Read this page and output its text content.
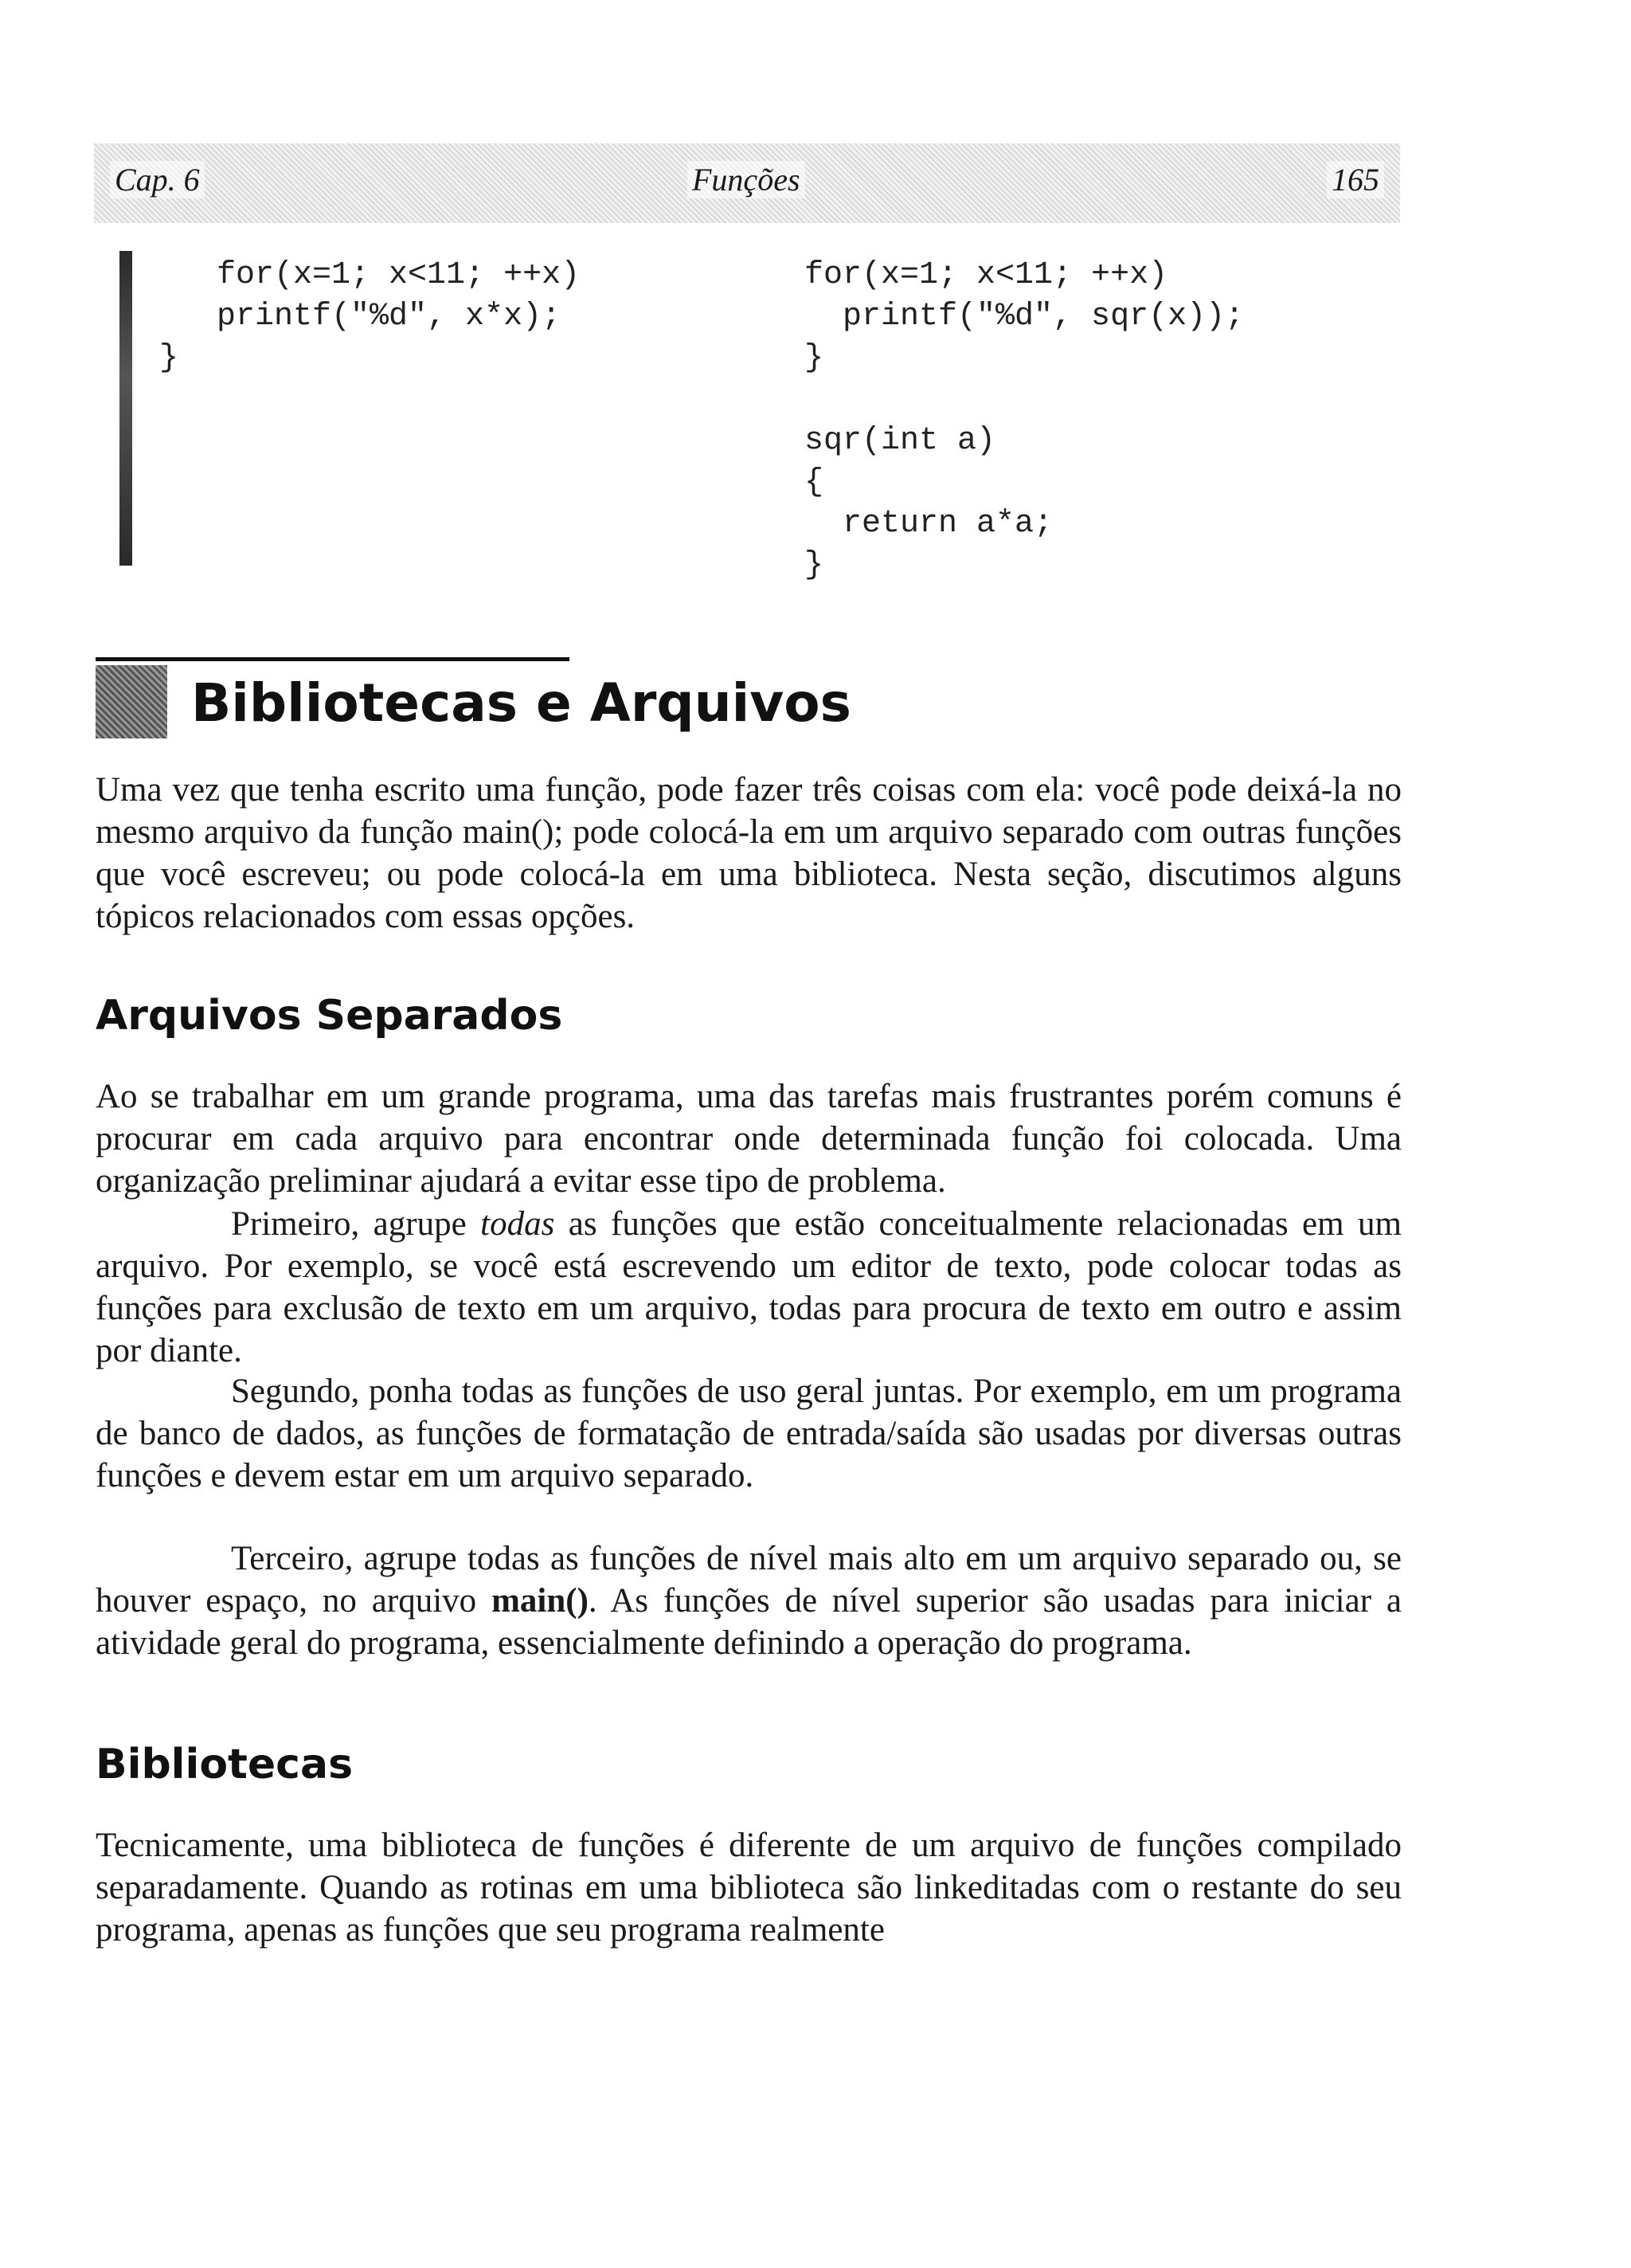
Cap. 6	Funções	165
for(x=1; x<11; ++x)
printf("%d", x*x);
}
for(x=1; x<11; ++x)
printf("%d", sqr(x));
}

sqr(int a)
{
return a*a;
}
Bibliotecas e Arquivos

Uma vez que tenha escrito uma função, pode fazer três coisas com ela: você pode deixá-la no mesmo arquivo da função main(); pode colocá-la em um arquivo separado com outras funções que você escreveu; ou pode colocá-la em uma biblioteca. Nesta seção, discutimos alguns tópicos relacionados com essas opções.

Arquivos Separados

Ao se trabalhar em um grande programa, uma das tarefas mais frustrantes porém comuns é procurar em cada arquivo para encontrar onde determinada função foi colocada. Uma organização preliminar ajudará a evitar esse tipo de problema.

Primeiro, agrupe todas as funções que estão conceitualmente relacionadas em um arquivo. Por exemplo, se você está escrevendo um editor de texto, pode colocar todas as funções para exclusão de texto em um arquivo, todas para procura de texto em outro e assim por diante.

Segundo, ponha todas as funções de uso geral juntas. Por exemplo, em um programa de banco de dados, as funções de formatação de entrada/saída são usadas por diversas outras funções e devem estar em um arquivo separado.

Terceiro, agrupe todas as funções de nível mais alto em um arquivo separado ou, se houver espaço, no arquivo main(). As funções de nível superior são usadas para iniciar a atividade geral do programa, essencialmente definindo a operação do programa.

Bibliotecas

Tecnicamente, uma biblioteca de funções é diferente de um arquivo de funções compilado separadamente. Quando as rotinas em uma biblioteca são linkeditadas com o restante do seu programa, apenas as funções que seu programa realmente
